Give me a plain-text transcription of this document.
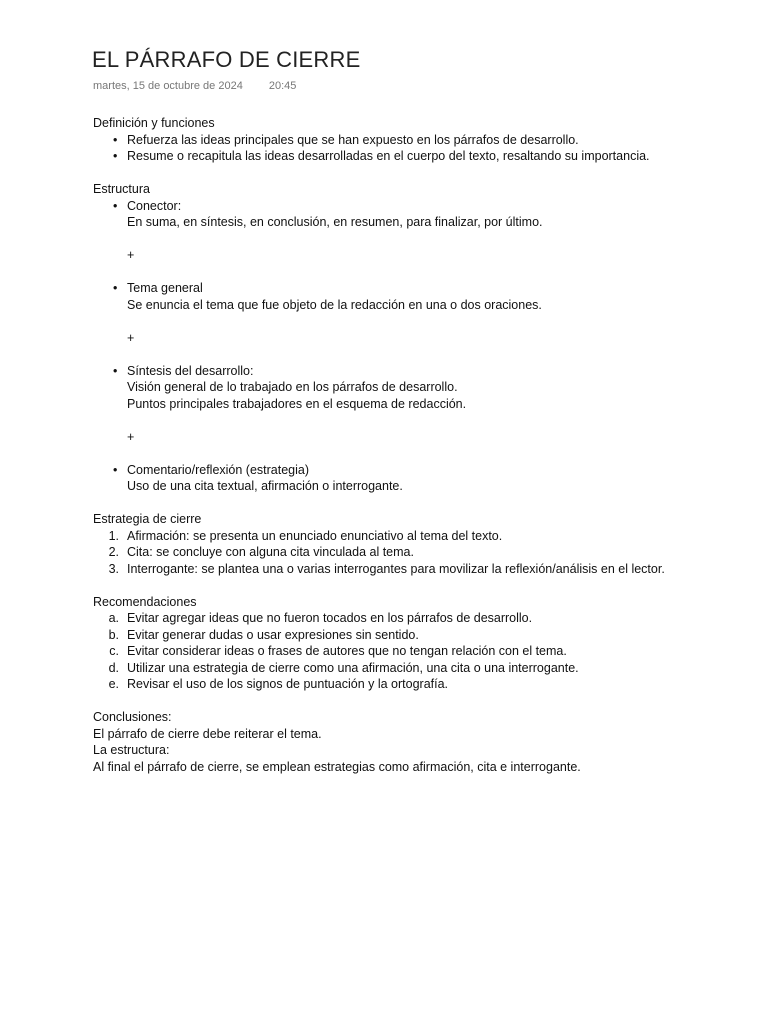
EL PÁRRAFO DE CIERRE
martes, 15 de octubre de 2024 20:45
Definición y funciones
• Refuerza las ideas principales que se han expuesto en los párrafos de desarrollo.
• Resume o recapitula las ideas desarrolladas en el cuerpo del texto, resaltando su importancia.
Estructura
• Conector:
En suma, en síntesis, en conclusión, en resumen, para finalizar, por último.
+
• Tema general
Se enuncia el tema que fue objeto de la redacción en una o dos oraciones.
+
• Síntesis del desarrollo:
Visión general de lo trabajado en los párrafos de desarrollo.
Puntos principales trabajadores en el esquema de redacción.
+
• Comentario/reflexión (estrategia)
Uso de una cita textual, afirmación o interrogante.
Estrategia de cierre
1. Afirmación: se presenta un enunciado enunciativo al tema del texto.
2. Cita: se concluye con alguna cita vinculada al tema.
3. Interrogante: se plantea una o varias interrogantes para movilizar la reflexión/análisis en el lector.
Recomendaciones
a. Evitar agregar ideas que no fueron tocados en los párrafos de desarrollo.
b. Evitar generar dudas o usar expresiones sin sentido.
c. Evitar considerar ideas o frases de autores que no tengan relación con el tema.
d. Utilizar una estrategia de cierre como una afirmación, una cita o una interrogante.
e. Revisar el uso de los signos de puntuación y la ortografía.
Conclusiones:
El párrafo de cierre debe reiterar el tema.
La estructura:
Al final el párrafo de cierre, se emplean estrategias como afirmación, cita e interrogante.
